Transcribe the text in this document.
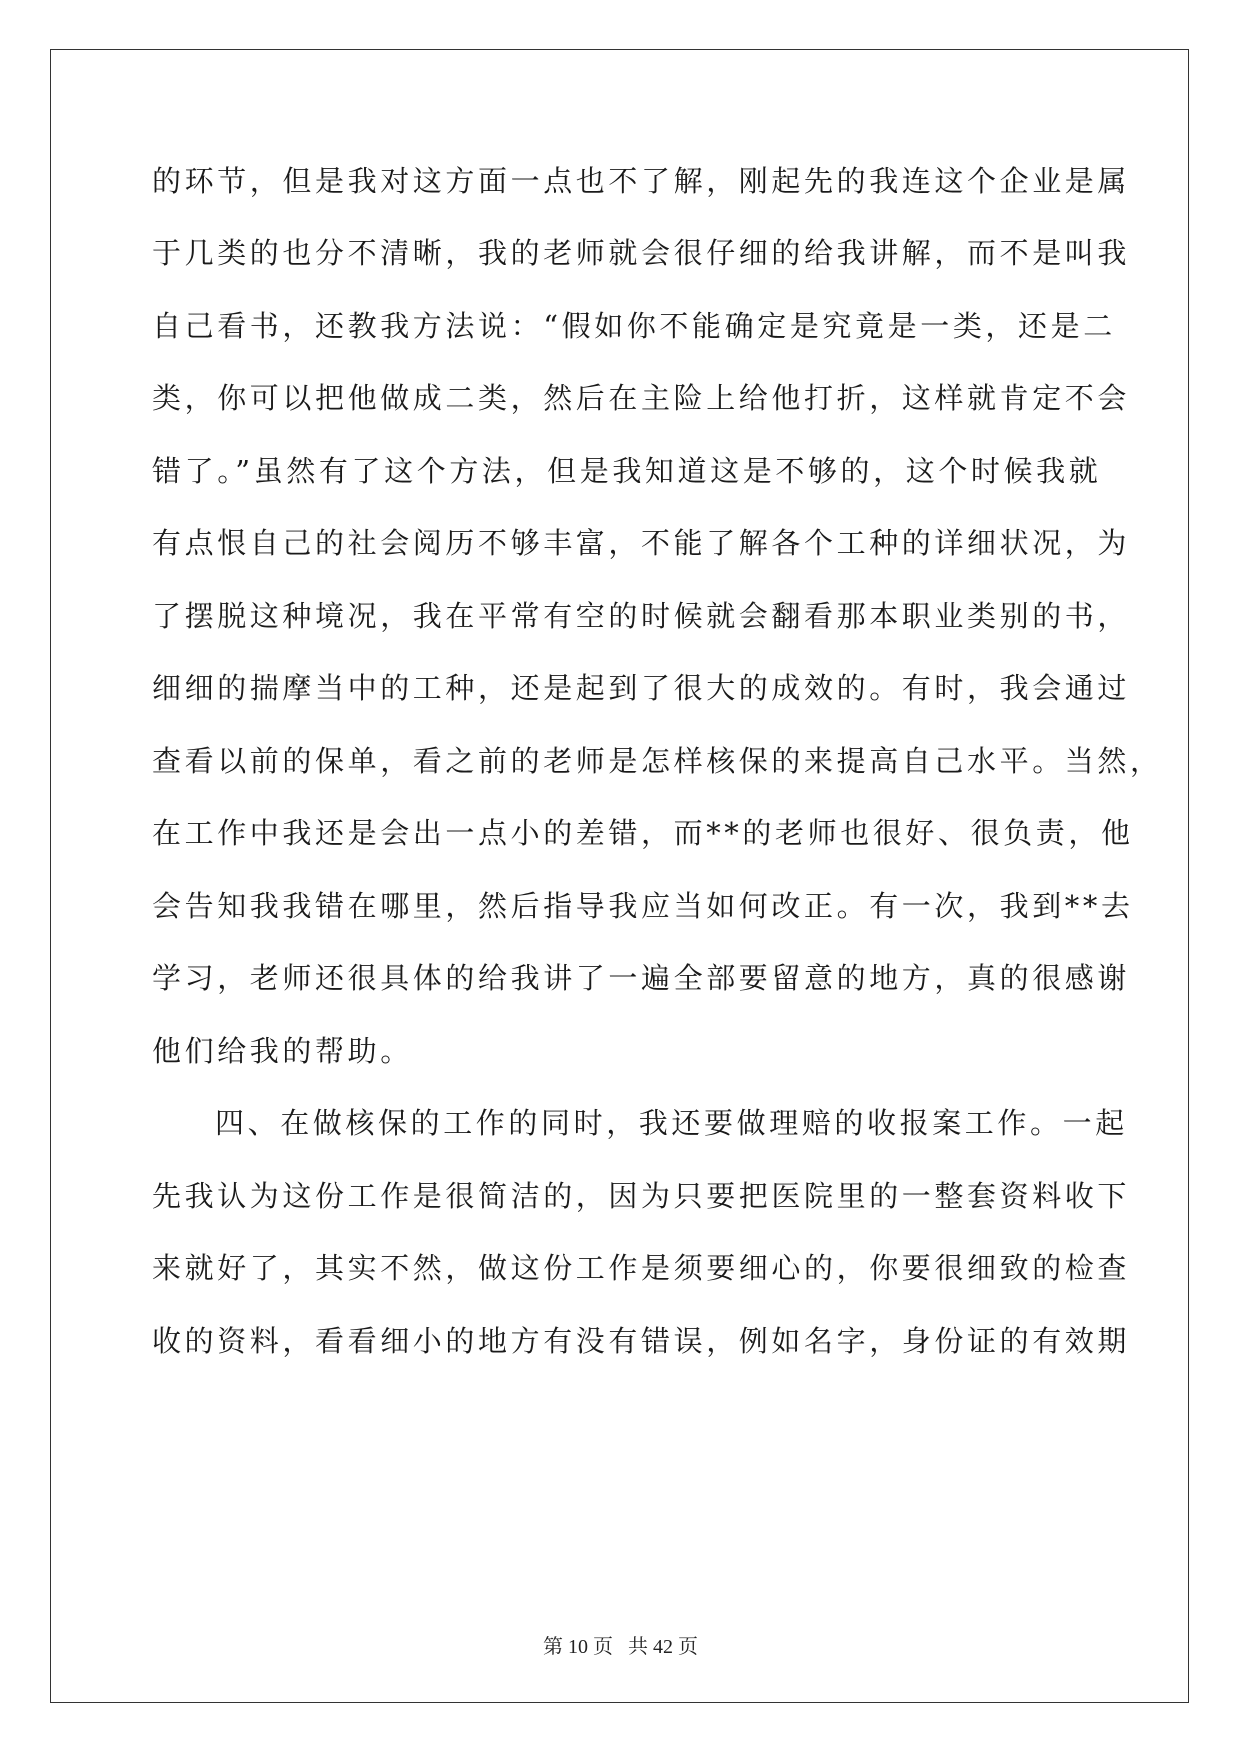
的环节，但是我对这方面一点也不了解，刚起先的我连这个企业是属
于几类的也分不清晰，我的老师就会很仔细的给我讲解，而不是叫我
自己看书，还教我方法说：“假如你不能确定是究竟是一类，还是二
类，你可以把他做成二类，然后在主险上给他打折，这样就肯定不会
错了。”虽然有了这个方法，但是我知道这是不够的，这个时候我就
有点恨自己的社会阅历不够丰富，不能了解各个工种的详细状况，为
了摆脱这种境况，我在平常有空的时候就会翻看那本职业类别的书，
细细的揣摩当中的工种，还是起到了很大的成效的。有时，我会通过
查看以前的保单，看之前的老师是怎样核保的来提高自己水平。当然，
在工作中我还是会出一点小的差错，而**的老师也很好、很负责，他
会告知我我错在哪里，然后指导我应当如何改正。有一次，我到**去
学习，老师还很具体的给我讲了一遍全部要留意的地方，真的很感谢
他们给我的帮助。
四、在做核保的工作的同时，我还要做理赔的收报案工作。一起
先我认为这份工作是很简洁的，因为只要把医院里的一整套资料收下
来就好了，其实不然，做这份工作是须要细心的，你要很细致的检查
收的资料，看看细小的地方有没有错误，例如名字，身份证的有效期
第 10 页   共 42 页
